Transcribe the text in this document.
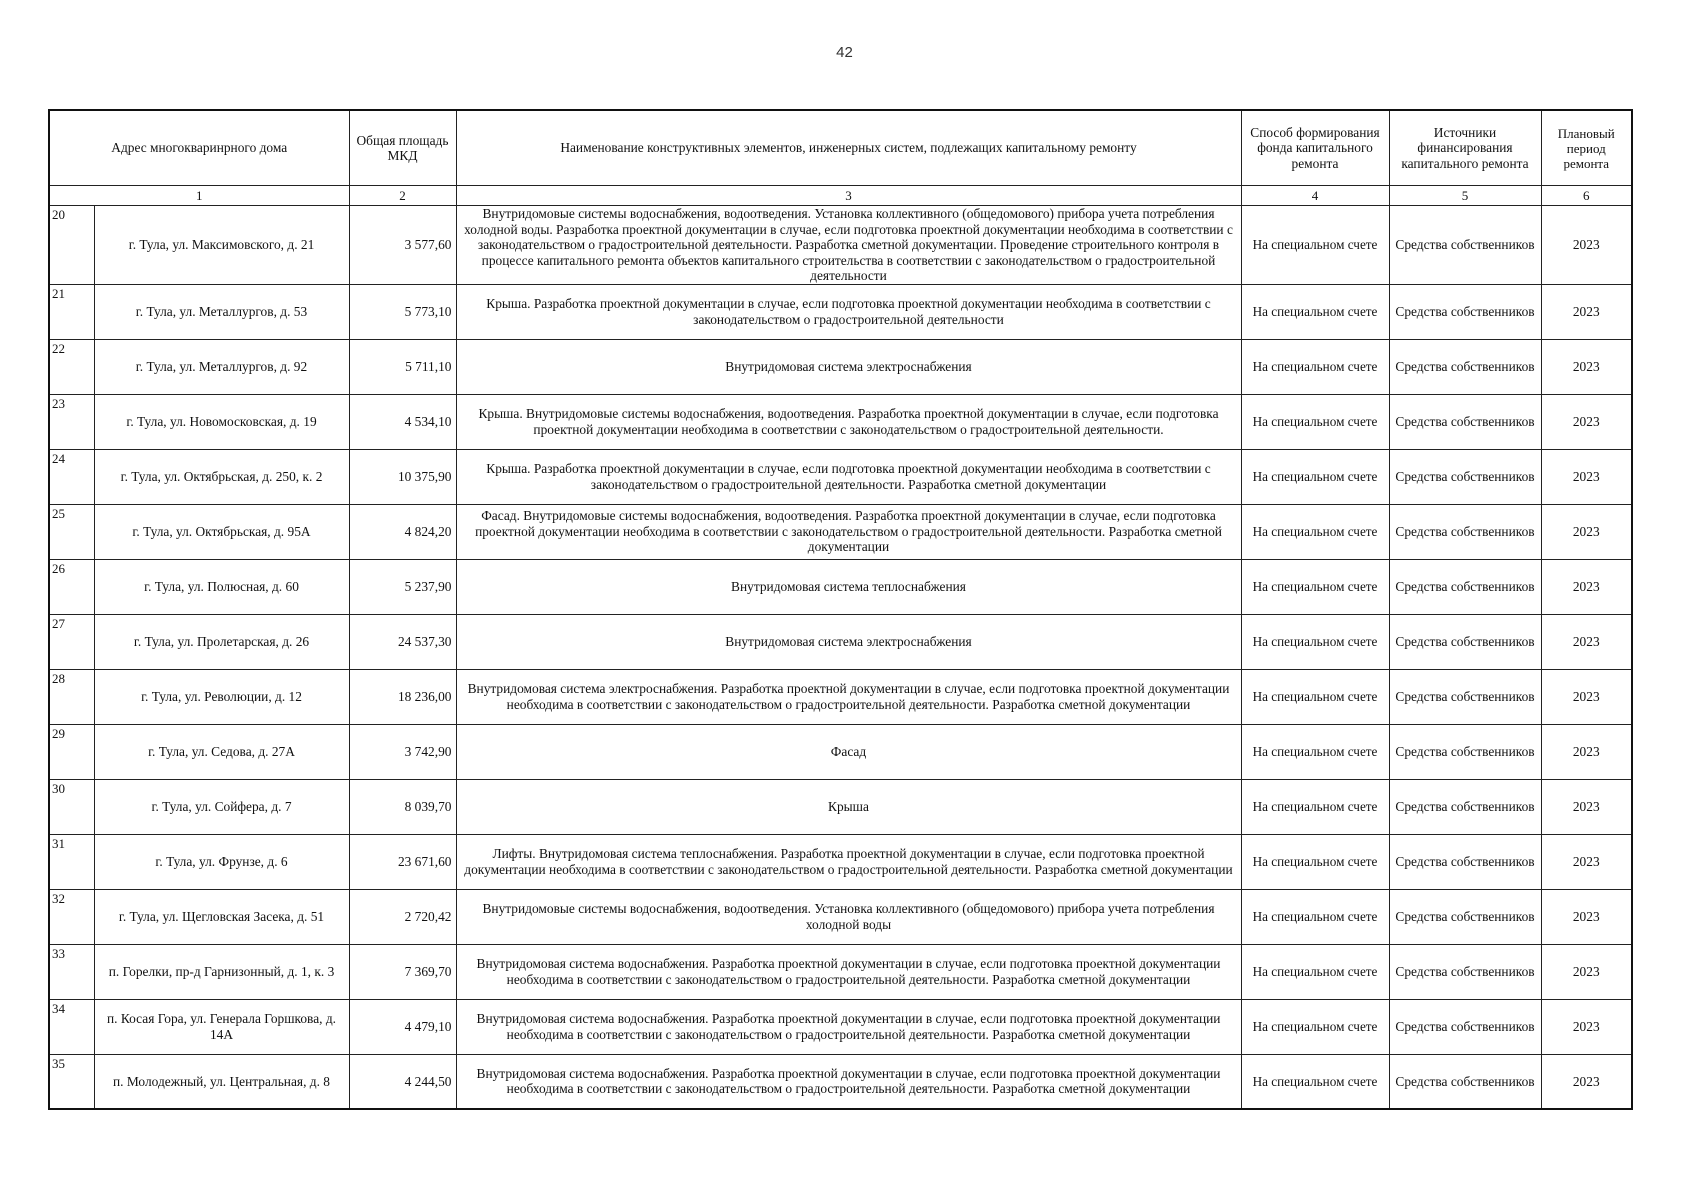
42
Адрес многокваринрного дома		Общая площадь МКД	Наименование конструктивных элементов, инженерных систем, подлежащих капитальному ремонту	Способ формирования фонда капитального ремонта	Источники финансирования капитального ремонта	Плановый период ремонта
1		2	3	4	5	6
20	г. Тула, ул. Максимовского, д. 21	3 577,60	Внутридомовые системы водоснабжения, водоотведения. Установка коллективного (общедомового) прибора учета потребления холодной воды. Разработка проектной документации в случае, если подготовка проектной документации необходима в соответствии с законодательством о градостроительной деятельности. Разработка сметной документации. Проведение строительного контроля в процессе капитального ремонта объектов капитального строительства в соответствии с законодательством о градостроительной деятельности	На специальном счете	Средства собственников	2023
21	г. Тула, ул. Металлургов, д. 53	5 773,10	Крыша. Разработка проектной документации в случае, если подготовка проектной документации необходима в соответствии с законодательством о градостроительной деятельности	На специальном счете	Средства собственников	2023
22	г. Тула, ул. Металлургов, д. 92	5 711,10	Внутридомовая система электроснабжения	На специальном счете	Средства собственников	2023
23	г. Тула, ул. Новомосковская, д. 19	4 534,10	Крыша. Внутридомовые системы водоснабжения, водоотведения. Разработка проектной документации в случае, если подготовка проектной документации необходима в соответствии с законодательством о градостроительной деятельности.	На специальном счете	Средства собственников	2023
24	г. Тула, ул. Октябрьская, д. 250, к. 2	10 375,90	Крыша. Разработка проектной документации в случае, если подготовка проектной документации необходима в соответствии с законодательством о градостроительной деятельности. Разработка сметной документации	На специальном счете	Средства собственников	2023
25	г. Тула, ул. Октябрьская, д. 95А	4 824,20	Фасад. Внутридомовые системы водоснабжения, водоотведения. Разработка проектной документации в случае, если подготовка проектной документации необходима в соответствии с законодательством о градостроительной деятельности. Разработка сметной документации	На специальном счете	Средства собственников	2023
26	г. Тула, ул. Полюсная, д. 60	5 237,90	Внутридомовая система теплоснабжения	На специальном счете	Средства собственников	2023
27	г. Тула, ул. Пролетарская, д. 26	24 537,30	Внутридомовая система электроснабжения	На специальном счете	Средства собственников	2023
28	г. Тула, ул. Революции, д. 12	18 236,00	Внутридомовая система электроснабжения. Разработка проектной документации в случае, если подготовка проектной документации необходима в соответствии с законодательством о градостроительной деятельности. Разработка сметной документации	На специальном счете	Средства собственников	2023
29	г. Тула, ул. Седова, д. 27А	3 742,90	Фасад	На специальном счете	Средства собственников	2023
30	г. Тула, ул. Сойфера, д. 7	8 039,70	Крыша	На специальном счете	Средства собственников	2023
31	г. Тула, ул. Фрунзе, д. 6	23 671,60	Лифты. Внутридомовая система теплоснабжения. Разработка проектной документации в случае, если подготовка проектной документации необходима в соответствии с законодательством о градостроительной деятельности. Разработка сметной документации	На специальном счете	Средства собственников	2023
32	г. Тула, ул. Щегловская Засека, д. 51	2 720,42	Внутридомовые системы водоснабжения, водоотведения. Установка коллективного (общедомового) прибора учета потребления холодной воды	На специальном счете	Средства собственников	2023
33	п. Горелки, пр-д Гарнизонный, д. 1, к. 3	7 369,70	Внутридомовая система водоснабжения. Разработка проектной документации в случае, если подготовка проектной документации необходима в соответствии с законодательством о градостроительной деятельности. Разработка сметной документации	На специальном счете	Средства собственников	2023
34	п. Косая Гора, ул. Генерала Горшкова, д. 14А	4 479,10	Внутридомовая система водоснабжения. Разработка проектной документации в случае, если подготовка проектной документации необходима в соответствии с законодательством о градостроительной деятельности. Разработка сметной документации	На специальном счете	Средства собственников	2023
35	п. Молодежный, ул. Центральная, д. 8	4 244,50	Внутридомовая система водоснабжения. Разработка проектной документации в случае, если подготовка проектной документации необходима в соответствии с законодательством о градостроительной деятельности. Разработка сметной документации	На специальном счете	Средства собственников	2023
